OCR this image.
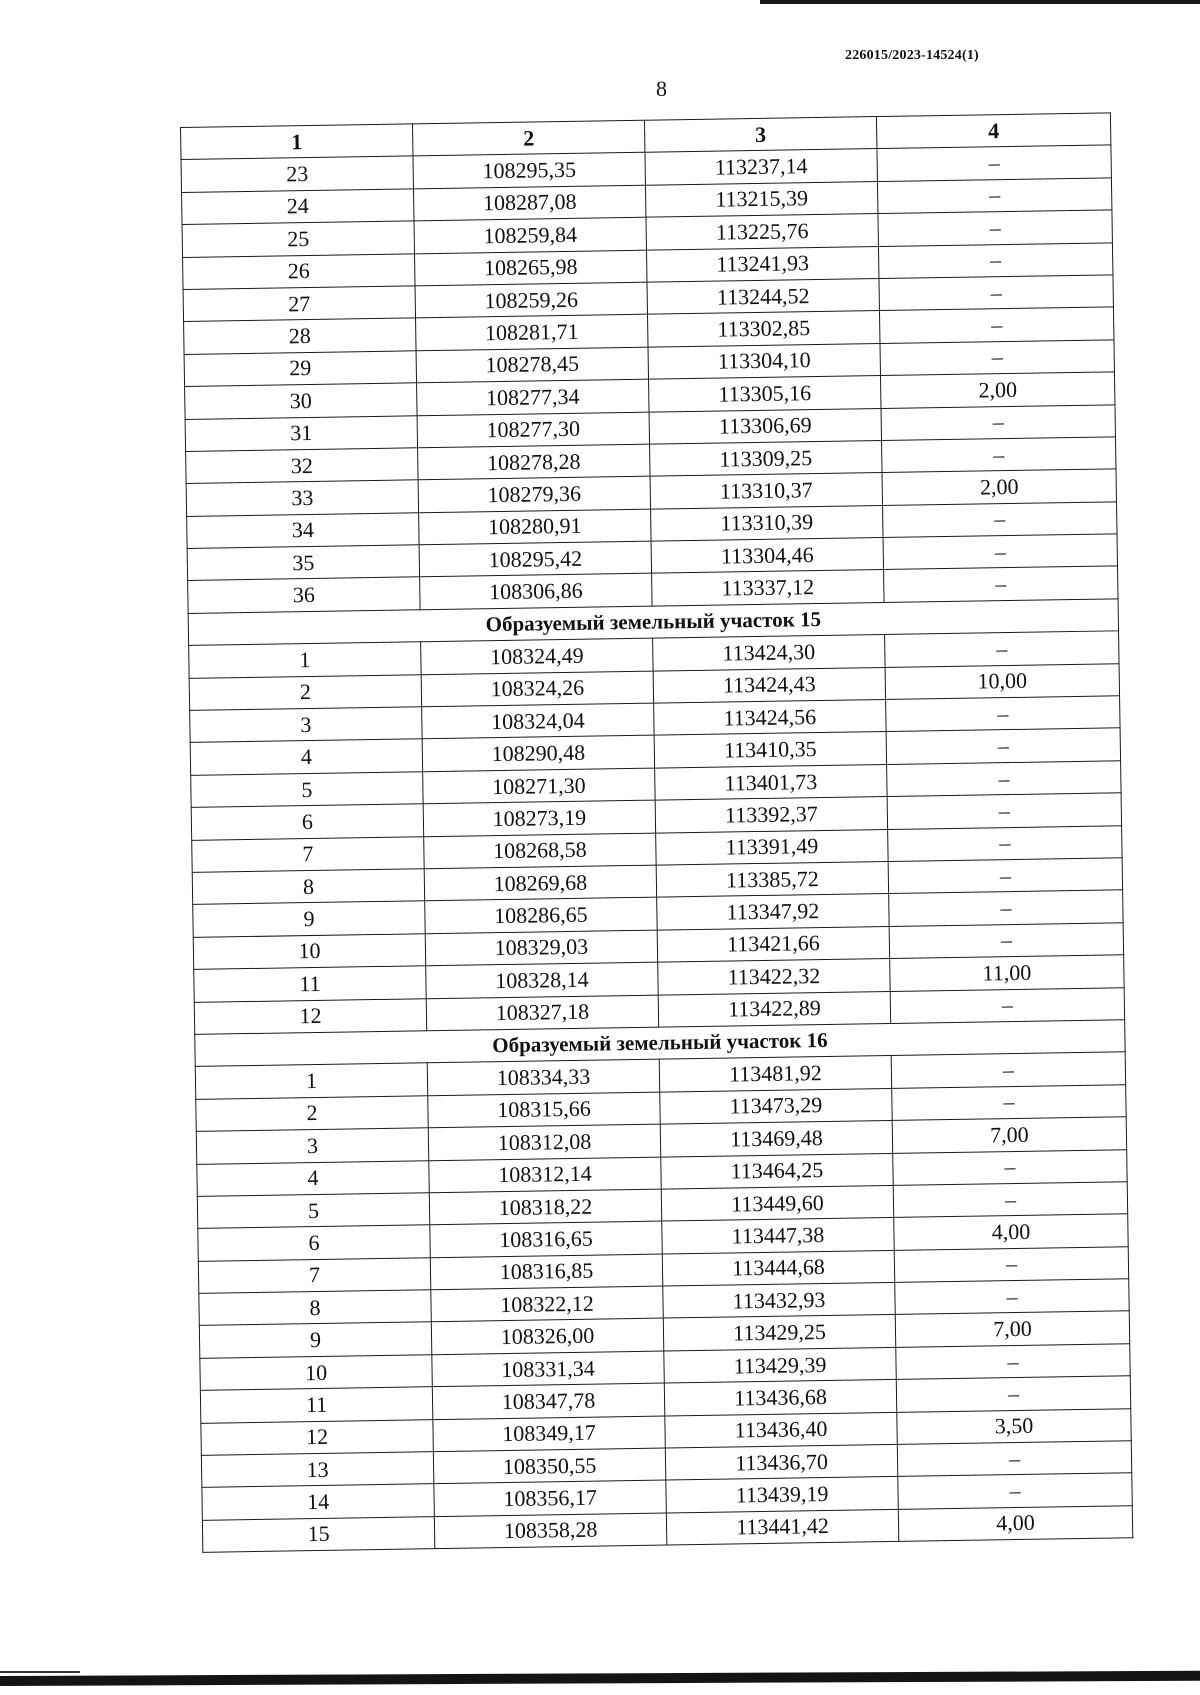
226015/2023-14524(1)
8
1	2	3	4
23	108295,35	113237,14	–
24	108287,08	113215,39	–
25	108259,84	113225,76	–
26	108265,98	113241,93	–
27	108259,26	113244,52	–
28	108281,71	113302,85	–
29	108278,45	113304,10	–
30	108277,34	113305,16	2,00
31	108277,30	113306,69	–
32	108278,28	113309,25	–
33	108279,36	113310,37	2,00
34	108280,91	113310,39	–
35	108295,42	113304,46	–
36	108306,86	113337,12	–
Образуемый земельный участок 15			
1	108324,49	113424,30	–
2	108324,26	113424,43	10,00
3	108324,04	113424,56	–
4	108290,48	113410,35	–
5	108271,30	113401,73	–
6	108273,19	113392,37	–
7	108268,58	113391,49	–
8	108269,68	113385,72	–
9	108286,65	113347,92	–
10	108329,03	113421,66	–
11	108328,14	113422,32	11,00
12	108327,18	113422,89	–
Образуемый земельный участок 16			
1	108334,33	113481,92	–
2	108315,66	113473,29	–
3	108312,08	113469,48	7,00
4	108312,14	113464,25	–
5	108318,22	113449,60	–
6	108316,65	113447,38	4,00
7	108316,85	113444,68	–
8	108322,12	113432,93	–
9	108326,00	113429,25	7,00
10	108331,34	113429,39	–
11	108347,78	113436,68	–
12	108349,17	113436,40	3,50
13	108350,55	113436,70	–
14	108356,17	113439,19	–
15	108358,28	113441,42	4,00
